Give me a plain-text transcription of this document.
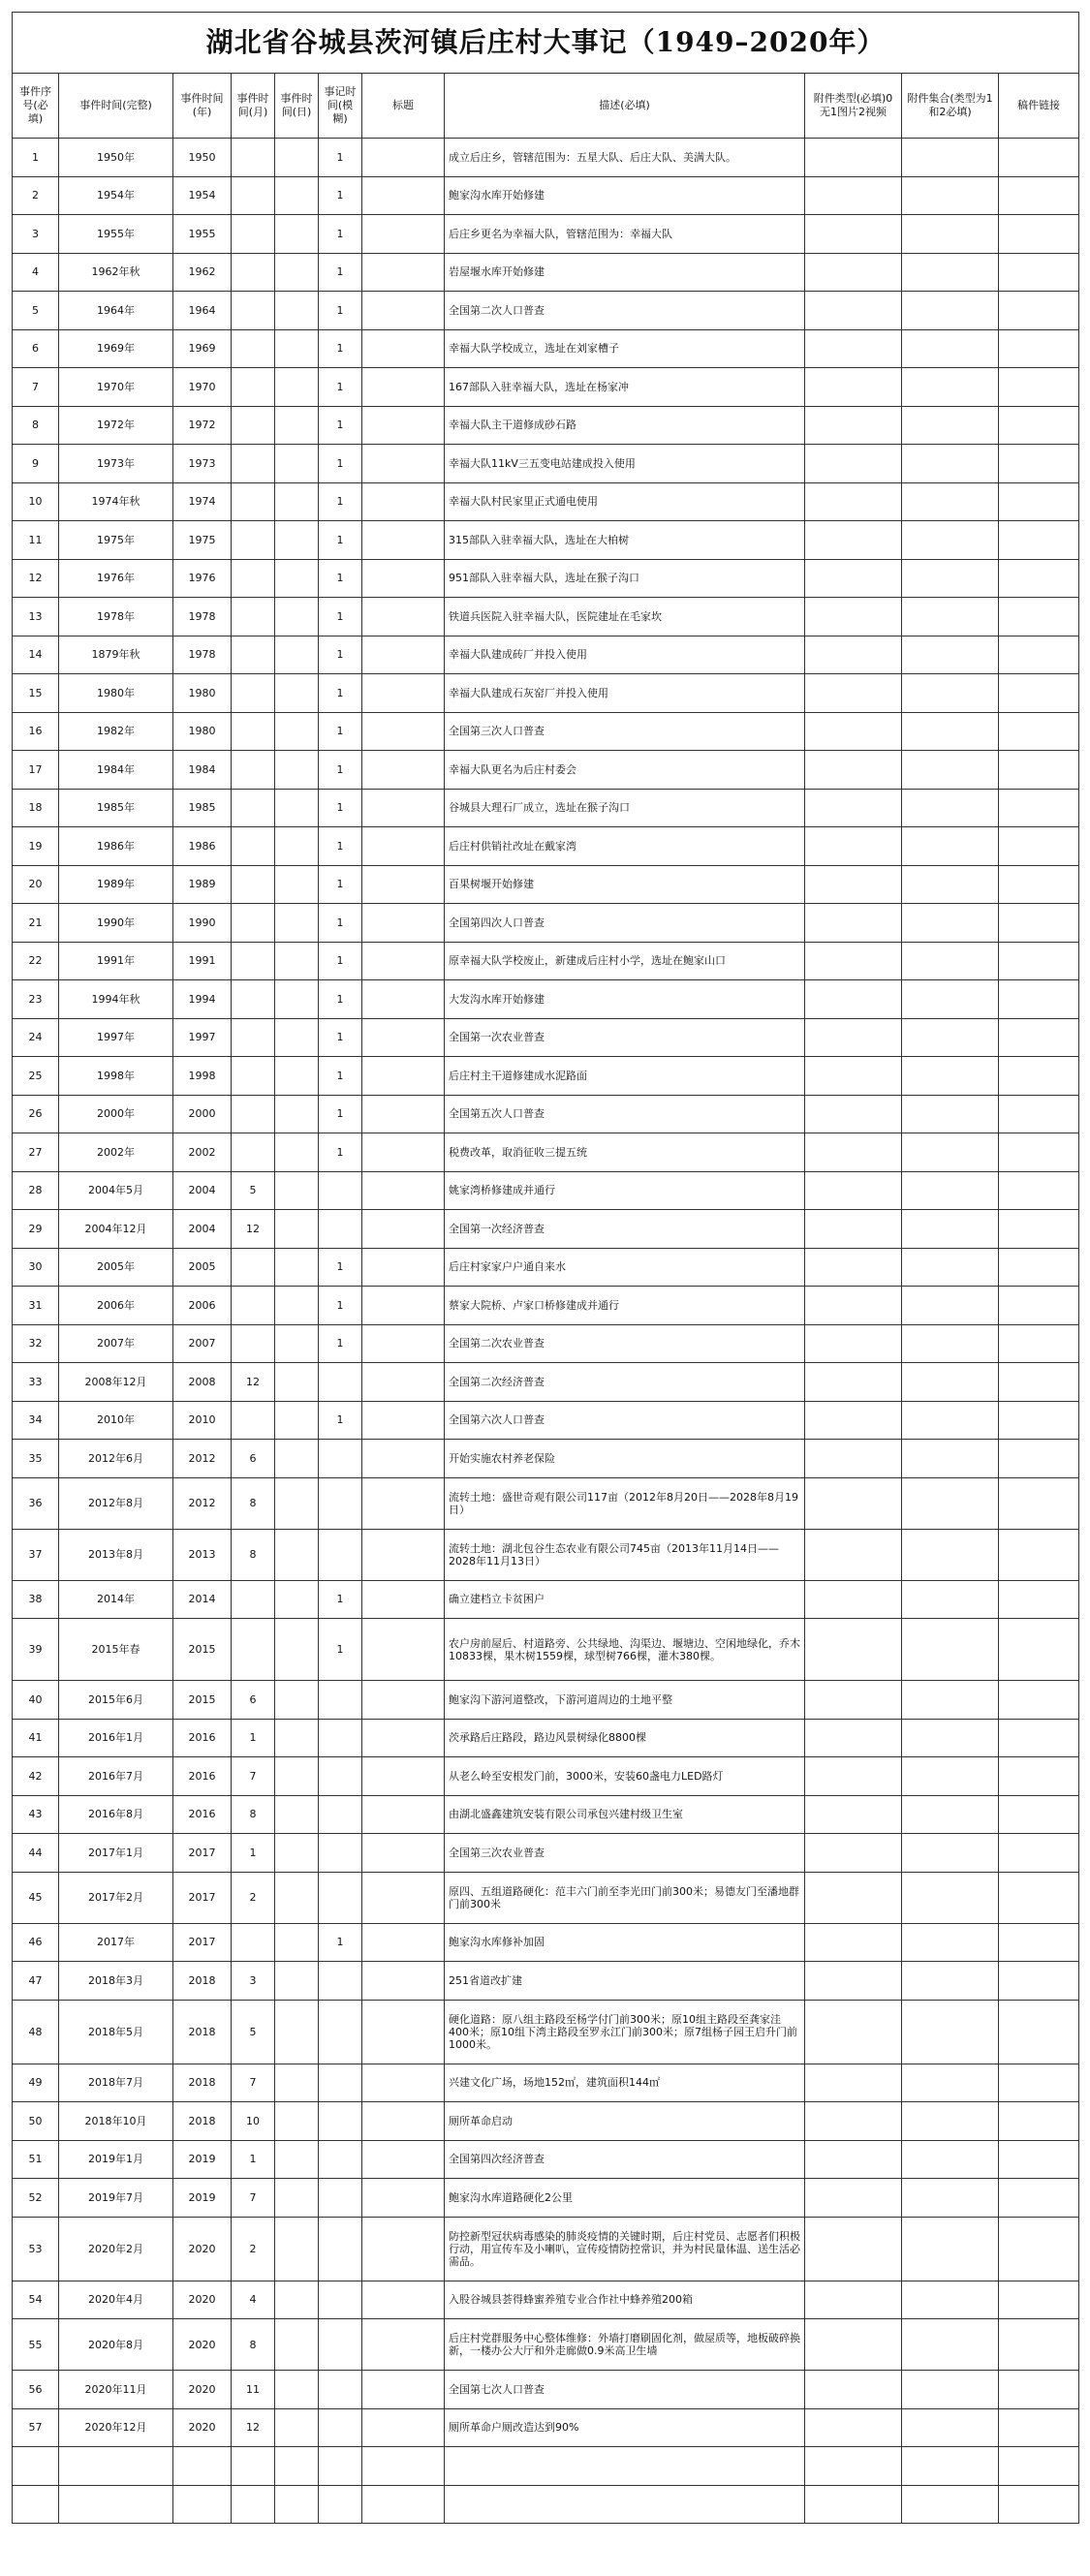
湖北省谷城县茨河镇后庄村大事记（1949–2020年）										
事件序号(必填)	事件时间(完整)	事件时间(年)	事件时间(月)	事件时间(日)	事记时间(模糊)	标题	描述(必填)	附件类型(必填)0无1图片2视频	附件集合(类型为1和2必填)	稿件链接
1	1950年	1950			1		成立后庄乡，管辖范围为：五星大队、后庄大队、美满大队。			
2	1954年	1954			1		鲍家沟水库开始修建			
3	1955年	1955			1		后庄乡更名为幸福大队，管辖范围为：幸福大队			
4	1962年秋	1962			1		岩屋堰水库开始修建			
5	1964年	1964			1		全国第二次人口普查			
6	1969年	1969			1		幸福大队学校成立，选址在刘家槽子			
7	1970年	1970			1		167部队入驻幸福大队，选址在杨家冲			
8	1972年	1972			1		幸福大队主干道修成砂石路			
9	1973年	1973			1		幸福大队11kV三五变电站建成投入使用			
10	1974年秋	1974			1		幸福大队村民家里正式通电使用			
11	1975年	1975			1		315部队入驻幸福大队，选址在大柏树			
12	1976年	1976			1		951部队入驻幸福大队，选址在猴子沟口			
13	1978年	1978			1		铁道兵医院入驻幸福大队，医院建址在毛家坎			
14	1879年秋	1978			1		幸福大队建成砖厂并投入使用			
15	1980年	1980			1		幸福大队建成石灰窑厂并投入使用			
16	1982年	1980			1		全国第三次人口普查			
17	1984年	1984			1		幸福大队更名为后庄村委会			
18	1985年	1985			1		谷城县大理石厂成立，选址在猴子沟口			
19	1986年	1986			1		后庄村供销社改址在戴家湾			
20	1989年	1989			1		百果树堰开始修建			
21	1990年	1990			1		全国第四次人口普查			
22	1991年	1991			1		原幸福大队学校废止，新建成后庄村小学，选址在鲍家山口			
23	1994年秋	1994			1		大发沟水库开始修建			
24	1997年	1997			1		全国第一次农业普查			
25	1998年	1998			1		后庄村主干道修建成水泥路面			
26	2000年	2000			1		全国第五次人口普查			
27	2002年	2002			1		税费改革，取消征收三提五统			
28	2004年5月	2004	5				姚家湾桥修建成并通行			
29	2004年12月	2004	12				全国第一次经济普查			
30	2005年	2005			1		后庄村家家户户通自来水			
31	2006年	2006			1		蔡家大院桥、卢家口桥修建成并通行			
32	2007年	2007			1		全国第二次农业普查			
33	2008年12月	2008	12				全国第二次经济普查			
34	2010年	2010			1		全国第六次人口普查			
35	2012年6月	2012	6				开始实施农村养老保险			
36	2012年8月	2012	8				流转土地：盛世奇观有限公司117亩（2012年8月20日——2028年8月19日）			
37	2013年8月	2013	8				流转土地：湖北包谷生态农业有限公司745亩（2013年11月14日——2028年11月13日）			
38	2014年	2014			1		确立建档立卡贫困户			
39	2015年春	2015			1		农户房前屋后、村道路旁、公共绿地、沟渠边、堰塘边、空闲地绿化，乔木10833棵，果木树1559棵，球型树766棵，灌木380棵。			
40	2015年6月	2015	6				鲍家沟下游河道整改，下游河道周边的土地平整			
41	2016年1月	2016	1				茨承路后庄路段，路边风景树绿化8800棵			
42	2016年7月	2016	7				从老么岭至安根发门前，3000米，安装60盏电力LED路灯			
43	2016年8月	2016	8				由湖北盛鑫建筑安装有限公司承包兴建村级卫生室			
44	2017年1月	2017	1				全国第三次农业普查			
45	2017年2月	2017	2				原四、五组道路硬化：范丰六门前至李光田门前300米；易德友门至潘地群门前300米			
46	2017年	2017			1		鲍家沟水库修补加固			
47	2018年3月	2018	3				251省道改扩建			
48	2018年5月	2018	5				硬化道路：原八组主路段至杨学付门前300米；原10组主路段至龚家洼400米；原10组下湾主路段至罗永江门前300米；原7组杨子园王启升门前1000米。			
49	2018年7月	2018	7				兴建文化广场，场地152㎡，建筑面积144㎡			
50	2018年10月	2018	10				厕所革命启动			
51	2019年1月	2019	1				全国第四次经济普查			
52	2019年7月	2019	7				鲍家沟水库道路硬化2公里			
53	2020年2月	2020	2				防控新型冠状病毒感染的肺炎疫情的关键时期，后庄村党员、志愿者们积极行动，用宣传车及小喇叭，宣传疫情防控常识，并为村民量体温、送生活必需品。			
54	2020年4月	2020	4				入股谷城县荟得蜂蜜养殖专业合作社中蜂养殖200箱			
55	2020年8月	2020	8				后庄村党群服务中心整体维修：外墙打磨刷固化剂，做屋质等，地板破碎换新，一楼办公大厅和外走廊做0.9米高卫生墙			
56	2020年11月	2020	11				全国第七次人口普查			
57	2020年12月	2020	12				厕所革命户厕改造达到90%			
